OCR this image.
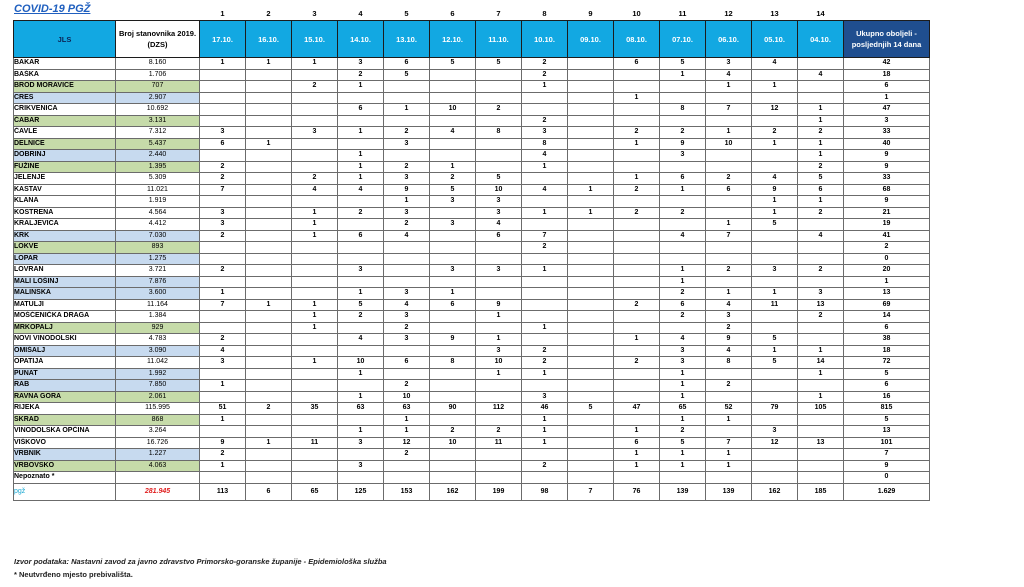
COVID-19 PGŽ
			1	2	3	4	5	6	7	8	9	10	11	12	13	14	
JLS	Broj stanovnika 2019. (DZS)	17.10.	16.10.	15.10.	14.10.	13.10.	12.10.	11.10.	10.10.	09.10.	08.10.	07.10.	06.10.	05.10.	04.10.	Ukupno oboljeli - posljednjih 14 dana
BAKAR	8.160	1	1	1	3	6	5	5	2		6	5	3	4		42
BAŠKA	1.706				2	5			2			1	4		4	18
BROD MORAVICE	707			2	1				1				1	1		6
CRES	2.907										1					1
CRIKVENICA	10.692				6	1	10	2				8	7	12	1	47
ČABAR	3.131								2						1	3
ČAVLE	7.312	3		3	1	2	4	8	3		2	2	1	2	2	33
DELNICE	5.437	6	1			3			8		1	9	10	1	1	40
DOBRINJ	2.440				1				4			3			1	9
FUŽINE	1.395	2			1	2	1		1						2	9
JELENJE	5.309	2		2	1	3	2	5			1	6	2	4	5	33
KASTAV	11.021	7		4	4	9	5	10	4	1	2	1	6	9	6	68
KLANA	1.919					1	3	3						1	1	9
KOSTRENA	4.564	3		1	2	3		3	1	1	2	2		1	2	21
KRALJEVICA	4.412	3		1		2	3	4					1	5		19
KRK	7.030	2		1	6	4		6	7			4	7		4	41
LOKVE	893								2							2
LOPAR	1.275															0
LOVRAN	3.721	2			3		3	3	1			1	2	3	2	20
MALI LOŠINJ	7.876											1				1
MALINSKA	3.600	1			1	3	1					2	1	1	3	13
MATULJI	11.164	7	1	1	5	4	6	9			2	6	4	11	13	69
MOŠĆENIČKA DRAGA	1.384			1	2	3		1				2	3		2	14
MRKOPALJ	929			1		2			1				2			6
NOVI VINODOLSKI	4.783	2			4	3	9	1			1	4	9	5		38
OMIŠALJ	3.090	4						3	2			3	4	1	1	18
OPATIJA	11.042	3		1	10	6	8	10	2		2	3	8	5	14	72
PUNAT	1.992				1			1	1			1			1	5
RAB	7.850	1				2						1	2			6
RAVNA GORA	2.061				1	10			3			1			1	16
RIJEKA	115.995	51	2	35	63	63	90	112	46	5	47	65	52	79	105	815
SKRAD	868	1				1			1			1	1			5
VINODOLSKA OPĆINA	3.264				1	1	2	2	1		1	2		3		13
VIŠKOVO	16.726	9	1	11	3	12	10	11	1		6	5	7	12	13	101
VRBNIK	1.227	2				2					1	1	1			7
VRBOVSKO	4.063	1			3				2		1	1	1			9
Nepoznato *																0
pgž	281.945	113	6	65	125	153	162	199	98	7	76	139	139	162	185	1.629
Izvor podataka: Nastavni zavod za javno zdravstvo Primorsko-goranske županije - Epidemiološka služba
* Neutvrđeno mjesto prebivališta.
